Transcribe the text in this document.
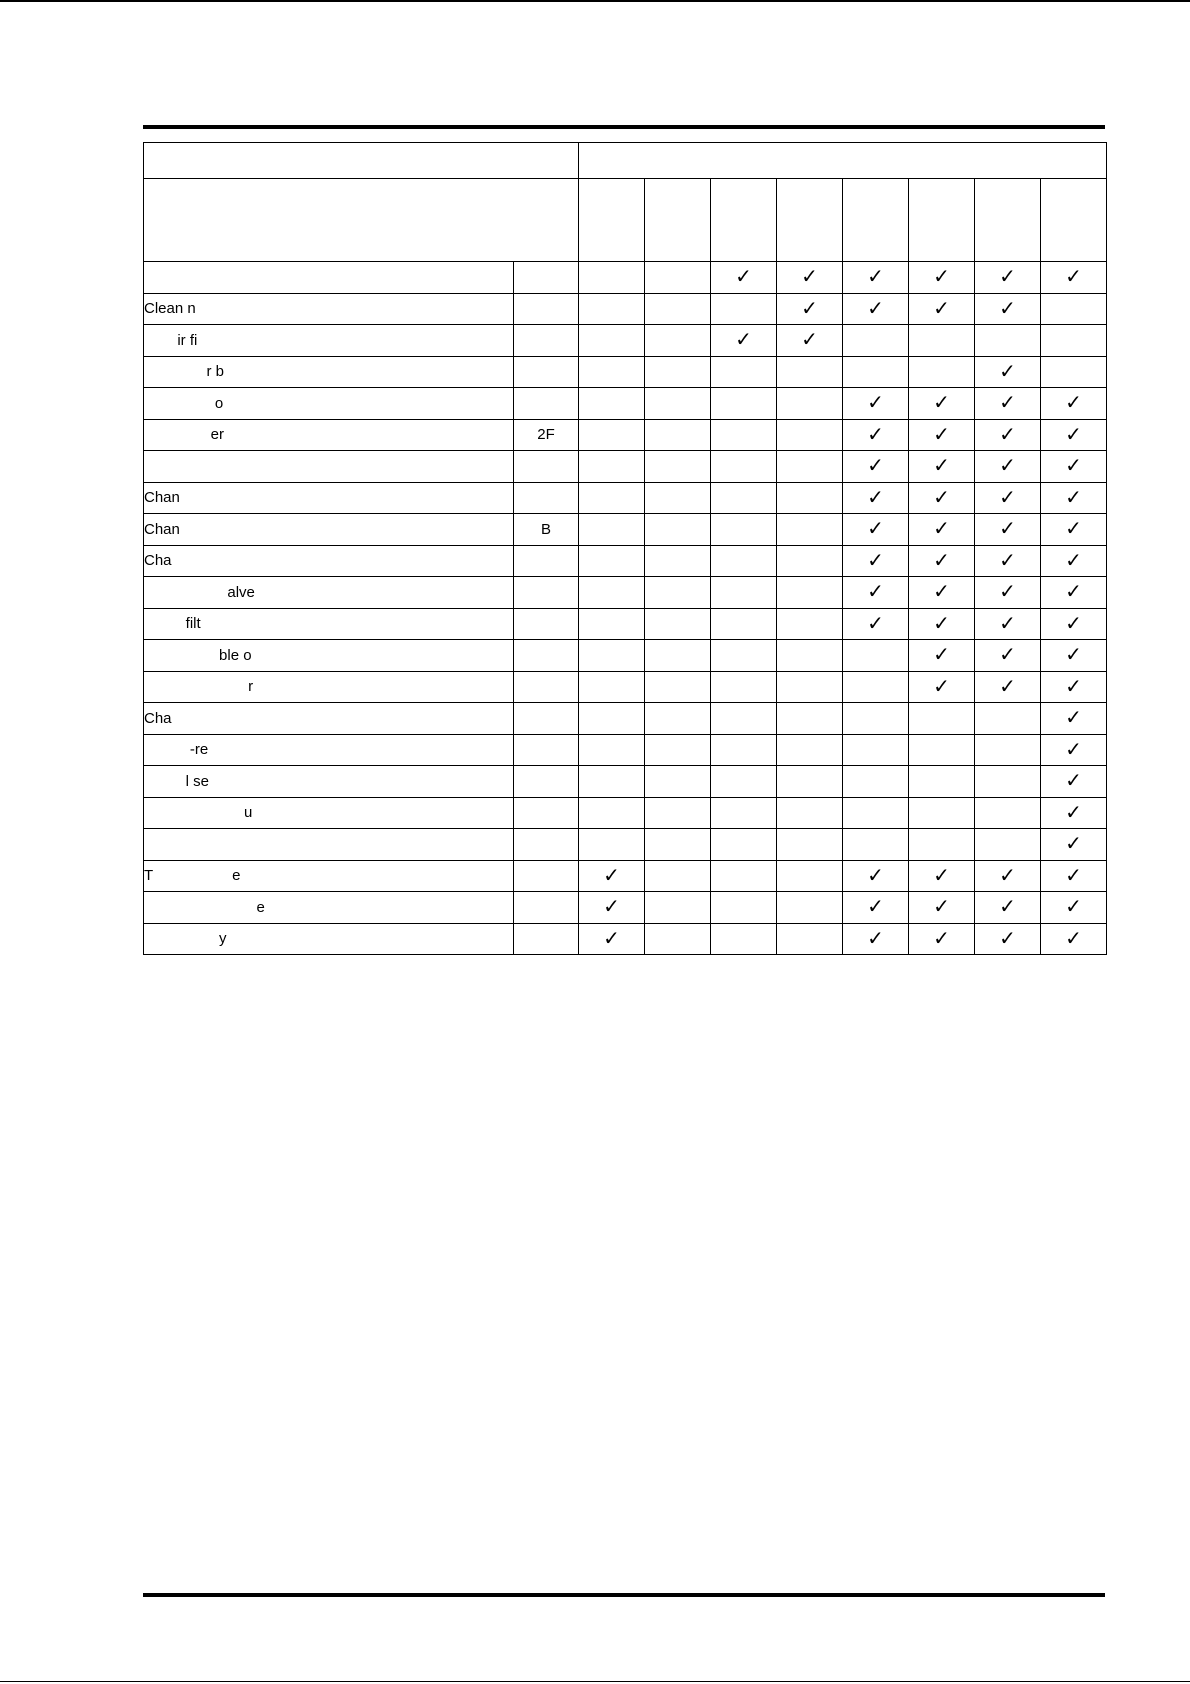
				✓	✓	✓	✓	✓	✓
Clean n					✓	✓	✓	✓	
ir fi				✓	✓				
r b								✓	
o						✓	✓	✓	✓
er	2F					✓	✓	✓	✓
						✓	✓	✓	✓
Chan						✓	✓	✓	✓
Chan	B					✓	✓	✓	✓
Cha						✓	✓	✓	✓
alve						✓	✓	✓	✓
filt						✓	✓	✓	✓
ble o							✓	✓	✓
r							✓	✓	✓
Cha									✓
-re									✓
l se									✓
u									✓
									✓
T                   e		✓				✓	✓	✓	✓
e		✓				✓	✓	✓	✓
y		✓				✓	✓	✓	✓
